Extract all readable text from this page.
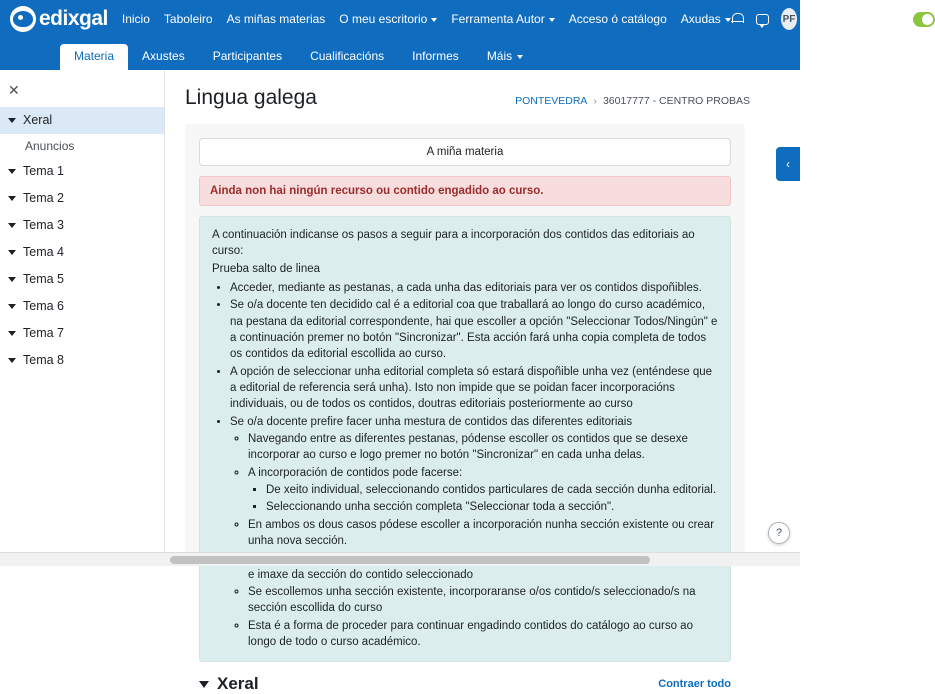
edixgal Inicio Taboleiro As miñas materias O meu escritorio Ferramenta Autor Acceso ó catálogo Axudas	PF	Modo de edición
Materia Axustes Participantes Cualificacións Informes Máis
✕
Xeral
Anuncios
Tema 1
Tema 2
Tema 3
Tema 4
Tema 5
Tema 6
Tema 7
Tema 8
Lingua galega	PONTEVEDRA › 36017777 - CENTRO PROBAS
A miña materia
Ainda non hai ningún recurso ou contido engadido ao curso.

A continuación indicanse os pasos a seguir para a incorporación dos contidos das editoriais ao curso:

Prueba salto de linea

• Acceder, mediante as pestanas, a cada unha das editoriais para ver os contidos dispoñibles.
• Se o/a docente ten decidido cal é a editorial coa que traballará ao longo do curso académico, na pestana da editorial correspondente, hai que escoller a opción "Seleccionar Todos/Ningún" e a continuación premer no botón "Sincronizar". Esta acción fará unha copia completa de todos os contidos da editorial escollida ao curso.
• A opción de seleccionar unha editorial completa só estará dispoñible unha vez (enténdese que a editorial de referencia será unha). Isto non impide que se poidan facer incorporacións individuais, ou de todos os contidos, doutras editoriais posteriormente ao curso
• Se o/a docente prefire facer unha mestura de contidos das diferentes editoriais
◦ Navegando entre as diferentes pestanas, pódense escoller os contidos que se desexe incorporar ao curso e logo premer no botón "Sincronizar" en cada unha delas.
◦ A incorporación de contidos pode facerse:
▪ De xeito individual, seleccionando contidos particulares de cada sección dunha editorial.
▪ Seleccionando unha sección completa "Seleccionar toda a sección".
◦ En ambos os dous casos pódese escoller a incorporación nunha sección existente ou crear unha nova sección.
◦ e imaxe da sección do contido seleccionado
◦ Se escollemos unha sección existente, incorporaranse o/os contido/s seleccionado/s na sección escollida do curso
◦ Esta é a forma de proceder para continuar engadindo contidos do catálogo ao curso ao longo de todo o curso académico.
Xeral	Contraer todo
‹
?
